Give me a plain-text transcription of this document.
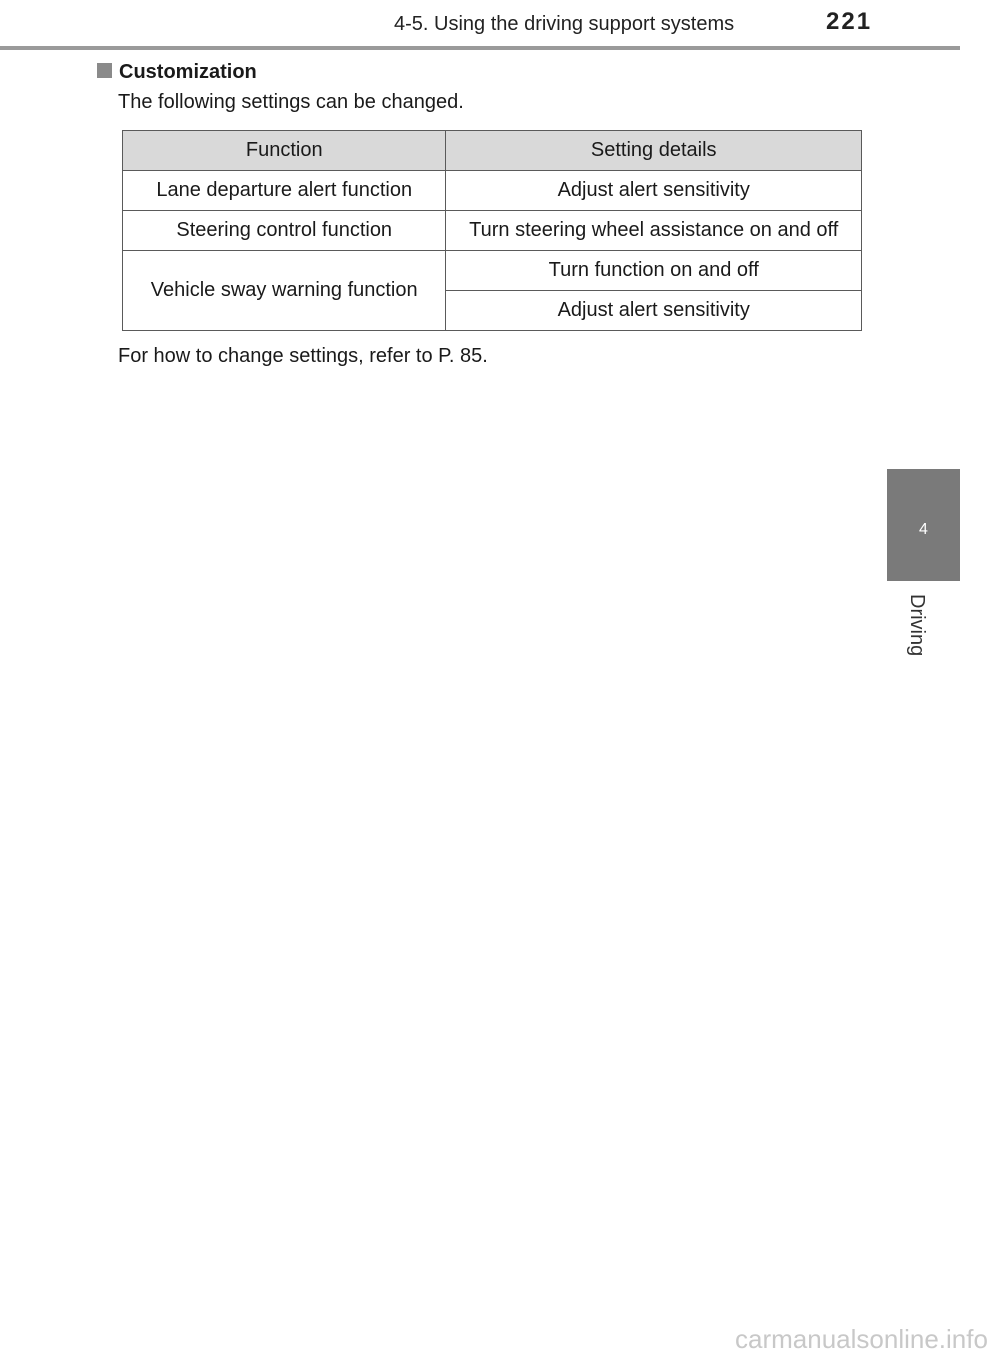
4-5. Using the driving support systems	221
Customization
The following settings can be changed.
Function	Setting details
Lane departure alert function	Adjust alert sensitivity
Steering control function	Turn steering wheel assistance on and off
Vehicle sway warning function	Turn function on and off
	Adjust alert sensitivity
For how to change settings, refer to P. 85.
4
Driving
carmanualsonline.info
